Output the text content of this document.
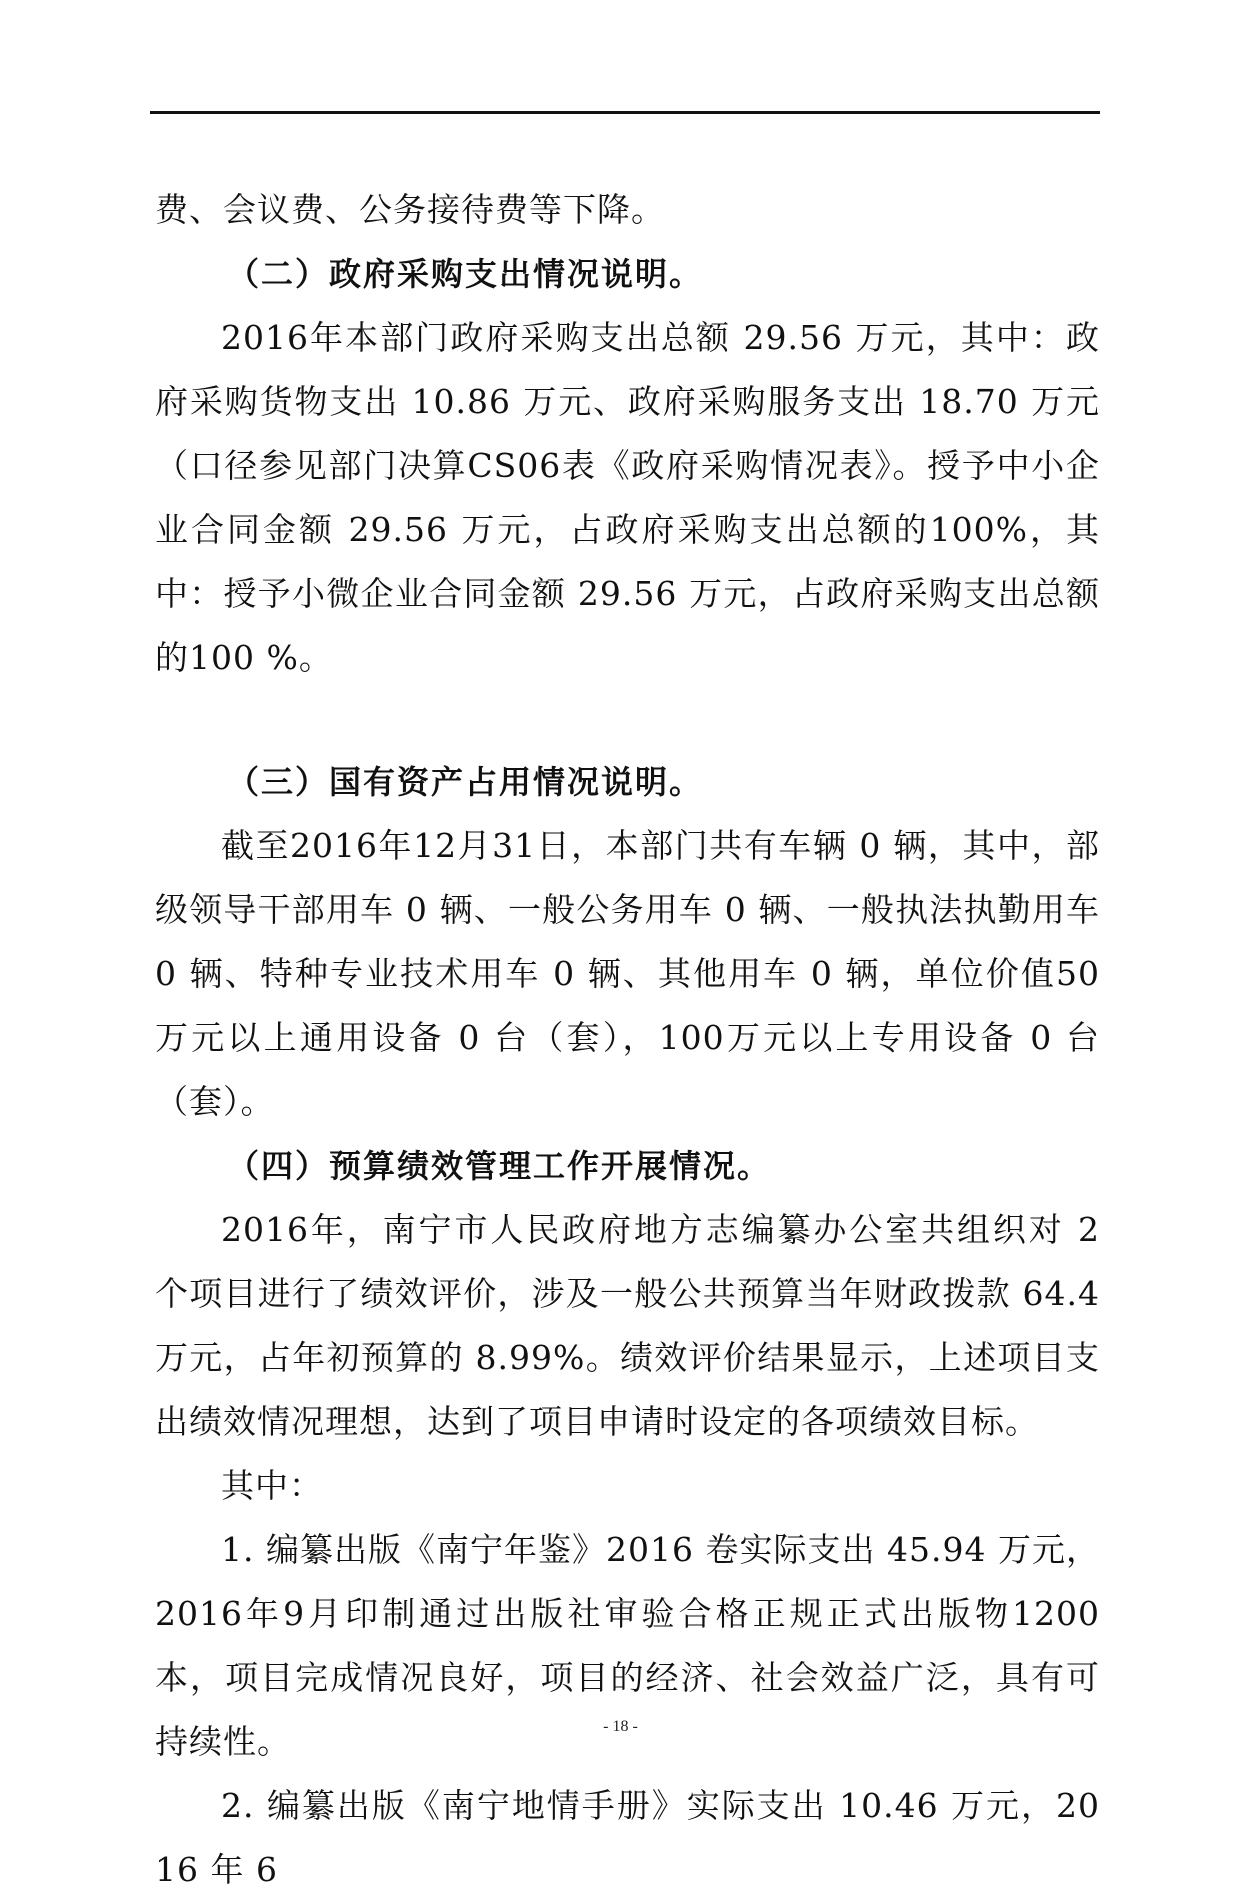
费、会议费、公务接待费等下降。

（二）政府采购支出情况说明。

2016年本部门政府采购支出总额 29.56 万元，其中：政府采购货物支出 10.86 万元、政府采购服务支出 18.70 万元（口径参见部门决算CS06表《政府采购情况表》。授予中小企业合同金额 29.56 万元，占政府采购支出总额的100%，其中：授予小微企业合同金额 29.56 万元，占政府采购支出总额的100 %。

（三）国有资产占用情况说明。

截至2016年12月31日，本部门共有车辆 0 辆，其中，部级领导干部用车 0 辆、一般公务用车 0 辆、一般执法执勤用车 0 辆、特种专业技术用车 0 辆、其他用车 0 辆，单位价值50万元以上通用设备 0 台（套），100万元以上专用设备 0 台（套）。

（四）预算绩效管理工作开展情况。

2016年，南宁市人民政府地方志编纂办公室共组织对 2 个项目进行了绩效评价，涉及一般公共预算当年财政拨款 64.4 万元，占年初预算的 8.99%。绩效评价结果显示，上述项目支出绩效情况理想，达到了项目申请时设定的各项绩效目标。

其中：

1. 编纂出版《南宁年鉴》2016 卷实际支出 45.94 万元，2016年9月印制通过出版社审验合格正规正式出版物1200本，项目完成情况良好，项目的经济、社会效益广泛，具有可持续性。

2. 编纂出版《南宁地情手册》实际支出 10.46 万元，2016 年 6

- 18 -
